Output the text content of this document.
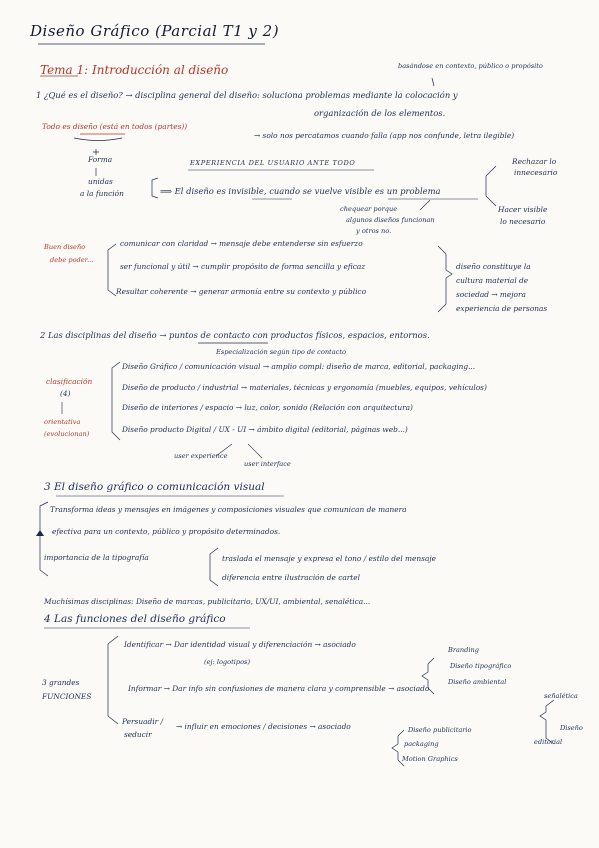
Diseño Gráfico (Parcial T1 y 2)
Tema 1: Introducción al diseño	basándose en contexto, público o propósito
1 ¿Qué es el diseño? → disciplina general del diseño: soluciona problemas mediante la colocación y
organización de los elementos.
Todo es diseño (está en todos (partes))
→ solo nos percatamos cuando falla (app nos confunde, letra ilegible)
Forma
unidas
a la función
EXPERIENCIA DEL USUARIO ANTE TODO
⟹ El diseño es invisible, cuando se vuelve visible es un problema
chequear porque
algunos diseños funcionan
y otros no.
Rechazar lo
innecesario
Hacer visible
lo necesario
Buen diseño
debe poder...
comunicar con claridad → mensaje debe entenderse sin esfuerzo
ser funcional y útil → cumplir propósito de forma sencilla y eficaz
Resultar coherente → generar armonía entre su contexto y público
diseño constituye la
cultura material de
sociedad → mejora
experiencia de personas
2 Las disciplinas del diseño → puntos de contacto con productos físicos, espacios, entornos.
Especialización según tipo de contacto
clasificación
(4)
orientativa
(evolucionan)
Diseño Gráfico / comunicación visual → amplio compl: diseño de marca, editorial, packaging...
Diseño de producto / industrial → materiales, técnicas y ergonomía (muebles, equipos, vehículos)
Diseño de interiores / espacio → luz, color, sonido (Relación con arquitectura)
Diseño producto Digital / UX - UI → ámbito digital (editorial, páginas web...)
user experience
user interface
3 El diseño gráfico o comunicación visual
Transforma ideas y mensajes en imágenes y composiciones visuales que comunican de manera
efectiva para un contexto, público y propósito determinados.
importancia de la tipografía	traslada el mensaje y expresa el tono / estilo del mensaje
diferencia entre ilustración de cartel
Muchísimas disciplinas: Diseño de marcas, publicitario, UX/UI, ambiental, senalética...
4 Las funciones del diseño gráfico
3 grandes
FUNCIONES
Identificar → Dar identidad visual y diferenciación → asociado
(ej: logotipos)
Branding
Diseño tipográfico
Diseño ambiental
Informar → Dar info sin confusiones de manera clara y comprensible → asociado
señalética
Diseño
editorial
Persuadir /
seducir
→ influir en emociones / decisiones → asociado	Diseño publicitario
packaging
Motion Graphics
